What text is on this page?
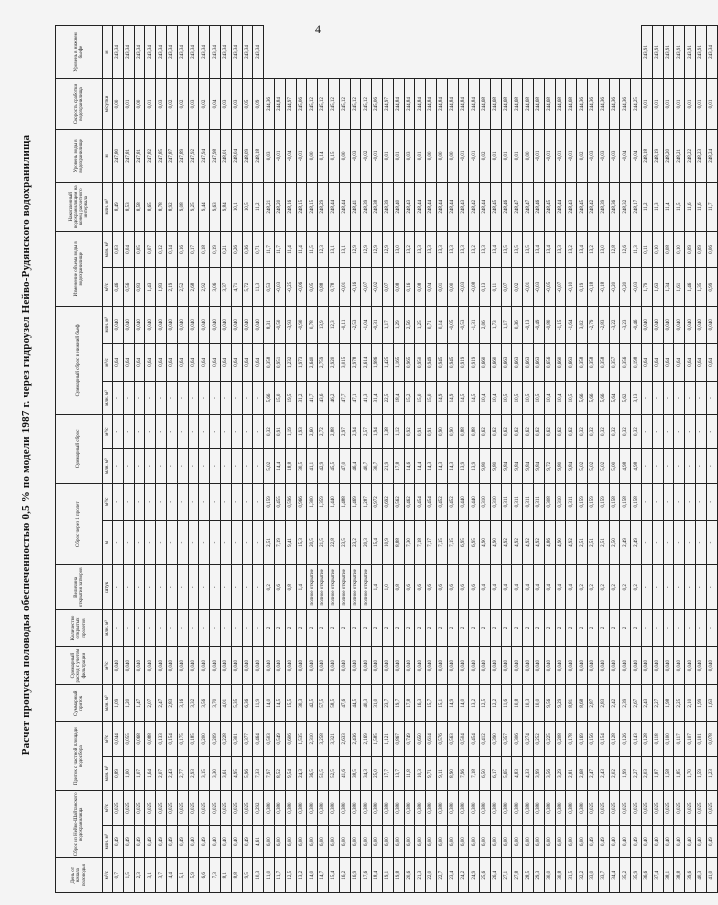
4
Расчет пропуска половодья обеспеченностью 0,5 % по модели 1987 г. через гидроузел Нейво-Рудянского водохранилища
День от начала половодья	Сброс из Нейво-Шайтанского водохранилища		Приток с частной площади водосбора		Суммарный приток	Суммарный расход с учетом фильтрации	Количество открытых пролетов	Величина открытия затворов	Сброс через 1 пролет		Суммарный сброс		Суммарный сброс в нижний бьеф			Изменение объема воды в водохранилище		Накопленный водохранилищем на конец расчетного интервала	Уровень воды в водохранилище	Скорость сработки водохранилища	Уровень в нижнем бьефе
м³/с	млн. м³	м³/с	млн. м³	м³/с	млн. м³	м³/с	млн. м³	штук	м	м³/с	млн. м³	м³/с	млн. м³	м³/с	млн. м³	м³/с	млн. м³	млн. м³	м	м/сутки	м
0,7	0,49	0,025	0,89	0,044	1,09	0,040	-	-	-	-	-	-	-	0,64	0,040	0,46	0,03	8,49	247,80	0,00	243,34
1,5	0,49	0,025	1,00	0,055	1,20	0,040	-	-	-	-	-	-	-	0,64	0,040	0,56	0,04	8,53	247,81	0,01	243,34
2,3	0,49	0,025	1,07	0,068	1,47	0,040	-	-	-	-	-	-	-	0,64	0,040	0,83	0,05	8,58	247,81	0,00	243,34
3,1	0,49	0,025	1,64	0,088	2,07	0,040	-	-	-	-	-	-	-	0,64	0,040	1,43	0,07	8,65	247,82	0,01	243,34
3,7	0,49	0,025	2,07	0,133	2,47	0,040	-	-	-	-	-	-	-	0,64	0,040	1,83	0,12	8,78	247,85	0,03	243,34
4,4	0,49	0,025	2,43	0,154	2,83	0,040	-	-	-	-	-	-	-	0,64	0,040	2,19	0,14	8,92	247,87	0,02	243,34
5,1	0,49	0,025	2,77	0,175	3,16	0,040	-	-	-	-	-	-	-	0,64	0,040	2,52	0,16	9,08	247,89	0,02	243,34
5,9	0,40	0,025	2,93	0,185	3,32	0,040	-	-	-	-	-	-	-	0,64	0,040	2,68	0,17	9,25	247,92	0,03	243,34
6,6	0,49	0,025	3,15	0,200	3,56	0,040	-	-	-	-	-	-	-	0,64	0,040	2,92	0,18	9,44	247,94	0,02	243,34
7,3	0,40	0,025	3,30	0,209	3,70	0,040	-	-	-	-	-	-	-	0,64	0,040	3,06	0,19	9,63	247,98	0,04	243,34
8,1	0,40	0,025	3,61	0,228	4,01	0,040	-	-	-	-	-	-	-	0,64	0,040	3,37	0,21	9,84	248,01	0,03	243,34
8,8	0,40	0,025	4,95	0,301	5,35	0,040	-	-	-	-	-	-	-	0,64	0,040	4,71	0,26	10,1	248,04	0,03	243,34
9,5	0,49	0,025	5,96	0,377	6,36	0,040	-	-	-	-	-	-	-	0,64	0,040	5,72	0,36	10,5	248,09	0,05	243,34
10,3	4,61	0,292	7,33	0,464	11,9	0,040	-	-	-	-	-	-	-	0,64	0,040	11,3	0,71	11,2	248,18	0,09	243,34
11,0	6,00	0,380	7,97	0,503	14,0	0,040	2	0,2	2,51	0,159	5,02	0,32	5,66	0,358	8,31	0,53	11,7	248,21	0,03	244,36	
11,7	6,00	0,380	8,52	0,549	14,5	0,040	2	0,6	7,19	0,455	14,4	0,91	15,0	0,951	-0,50	-0,03	11,7	248,20	-0,01	244,84	
12,5	6,00	0,380	9,54	0,606	15,5	0,040	2	0,8	9,41	0,596	18,8	1,19	19,5	1,232	-3,93	-0,25	11,4	248,16	-0,04	244,97	
13,2	6,00	0,380	24,3	1,535	30,3	0,040	2	1,4	15,3	0,966	30,5	1,93	31,2	1,973	-0,90	-0,06	11,4	248,15	-0,01	245,06	
14,0	6,00	0,380	36,5	2,310	42,5	0,040	2	полное открытие	20,5	1,300	41,1	2,60	41,7	2,640	0,78	0,05	11,5	248,15	0,00	245,12	
14,7	6,00	0,380	51,5	3,258	57,5	0,040	2	полное открытие	21,5	1,359	42,9	2,72	43,6	2,759	13,9	0,88	12,3	248,29	0,14	245,12	
15,4	6,00	0,380	52,5	3,321	58,5	0,040	2	полное открытие	22,8	1,440	45,5	2,88	46,2	2,920	12,3	0,78	13,1	248,44	0,15	245,12	
16,2	6,00	0,380	41,6	2,633	47,6	0,040	2	полное открытие	23,5	1,488	47,0	2,97	47,7	3,015	-0,11	-0,01	13,1	248,44	0,00	245,12	
16,9	6,00	0,380	38,5	2,436	44,5	0,040	2	полное открытие	23,2	1,469	46,4	2,94	47,1	2,978	-2,53	-0,16	12,9	248,41	-0,03	245,12	
17,6	6,00	0,380	34,3	2,169	40,3	0,040	2	полное открытие	20,3	1,287	40,7	2,57	41,3	2,614	-1,04	-0,07	12,9	248,39	-0,02	245,12	
18,4	6,00	0,380	25,0	1,585	31,0	0,040	2	1,4	15,4	0,972	30,7	1,94	31,4	1,986	-0,31	-0,02	12,9	248,38	-0,01	245,06	
19,1	6,00	0,380	17,7	1,121	23,7	0,040	2	1,0	10,9	0,692	21,9	1,38	22,5	1,425	1,17	0,07	12,9	248,39	0,01	244,97	
19,8	6,00	0,380	13,7	0,867	19,7	0,040	2	0,8	8,88	0,562	17,8	1,12	18,4	1,165	1,29	0,08	13,0	248,40	0,01	244,84	
20,6	6,00	0,380	11,8	0,749	17,8	0,040	2	0,6	7,30	0,462	14,6	0,92	15,2	0,965	2,56	0,16	13,2	248,43	0,03	244,84	
21,3	6,00	0,380	10,3	0,650	16,3	0,040	2	0,6	7,18	0,454	14,4	0,91	15,0	0,950	1,25	0,08	13,3	248,44	0,01	244,84	
22,0	6,00	0,380	9,71	0,614	15,7	0,040	2	0,6	7,17	0,454	14,3	0,91	15,0	0,949	0,71	0,04	13,3	248,44	0,00	244,84	
22,7	6,00	0,380	9,11	0,576	15,1	0,040	2	0,6	7,15	0,452	14,3	0,90	14,9	0,945	0,14	0,01	13,3	248,44	0,00	244,84	
23,4	6,00	0,380	8,90	0,563	14,9	0,040	2	0,6	7,15	0,452	14,3	0,90	14,9	0,945	-0,05	0,00	13,3	248,44	0,00	244,84	
24,2	6,00	0,380	7,96	0,504	14,0	0,040	2	0,6	6,95	0,440	13,9	0,88	14,5	0,919	-0,53	-0,03	13,3	248,43	-0,01	244,84	
24,9	6,00	0,380	7,18	0,454	13,2	0,040	2	0,6	6,95	0,440	13,9	0,88	14,5	0,919	-1,31	-0,08	13,2	248,42	-0,01	244,84	
25,6	6,00	0,380	6,50	0,412	12,5	0,040	2	0,4	4,90	0,310	9,80	0,62	10,4	0,660	2,06	0,13	13,3	248,44	0,02	244,68	
26,4	6,00	0,380	6,17	0,390	12,2	0,040	2	0,4	4,90	0,310	9,80	0,62	10,4	0,660	1,73	0,11	13,4	248,45	0,01	244,68	
27,1	6,00	0,380	5,65	0,357	11,6	0,040	2	0,4	4,92	0,311	9,84	0,62	10,5	0,663	1,17	0,07	13,5	248,46	0,01	244,68	
27,8	6,00	0,380	4,83	0,306	10,8	0,040	2	0,4	4,92	0,311	9,84	0,62	10,5	0,663	0,36	0,02	13,5	248,47	0,01	244,68	
28,5	6,00	0,380	4,33	0,274	10,3	0,040	2	0,4	4,92	0,311	9,84	0,62	10,5	0,663	-0,13	-0,01	13,5	248,47	0,00	244,68	
29,3	6,00	0,380	3,99	0,252	10,0	0,040	2	0,4	4,92	0,311	9,84	0,62	10,5	0,663	-0,49	-0,03	13,4	248,46	-0,01	244,68	
30,0	6,00	0,380	3,56	0,225	9,56	0,040	2	0,4	4,86	0,308	9,72	0,62	10,4	0,656	-0,80	-0,05	13,4	248,45	-0,01	244,68	
30,8	6,00	0,380	3,29	0,208	9,29	0,040	2	0,4	4,90	0,310	9,80	0,62	10,4	0,660	-1,15	-0,07	13,3	248,44	-0,01	244,68	
31,5	6,00	0,380	2,81	0,178	8,81	0,040	2	0,4	4,92	0,311	9,84	0,62	10,5	0,663	-1,64	-0,10	13,2	248,43	-0,01	244,68	
32,2	6,00	0,380	2,68	0,169	8,68	0,040	2	0,2	2,51	0,159	5,02	0,32	5,66	0,358	3,02	0,19	13,4	248,45	0,02	244,36	
33,0	0,49	0,025	2,47	0,156	2,87	0,040	2	0,2	2,51	0,159	5,02	0,32	5,66	0,358	-2,79	-0,18	13,2	248,42	-0,03	244,36	
33,7	0,49	0,025	2,43	0,154	2,83	0,040	2	0,2	2,51	0,159	5,02	0,32	5,66	0,358	-2,83	-0,18	13,0	248,39	-0,03	244,36	
34,4	0,40	0,025	2,02	0,128	2,42	0,040	2	0,2	2,50	0,158	5,00	0,32	5,64	0,357	-3,22	-0,20	12,8	248,36	-0,03	244,36	
35,2	0,40	0,025	1,99	0,126	2,39	0,040	2	0,2	2,49	0,158	4,98	0,32	5,62	0,356	-3,23	-0,20	12,6	248,32	-0,04	244,36	
35,9	0,49	0,025	2,27	0,143	2,67	0,040	2	0,2	2,49	0,158	4,98	0,32	3,13	0,198	-0,46	-0,03	11,3	248,17	-0,04	244,25	
36,6	0,40	0,025	2,03	0,128	2,43	0,040	-	-	-	-	-	-	-	0,64	0,040	1,79	0,11	11,2	248,18	0,01	243,91
37,4	0,40	0,025	1,87	0,118	2,27	0,040	-	-	-	-	-	-	-	0,64	0,040	1,63	0,10	11,3	248,19	0,01	243,91
38,1	0,40	0,025	1,58	0,100	1,98	0,040	-	-	-	-	-	-	-	0,64	0,040	1,34	0,08	11,4	248,20	0,01	243,91
38,8	0,40	0,025	1,85	0,117	2,25	0,040	-	-	-	-	-	-	-	0,64	0,040	1,61	0,10	11,5	248,21	0,01	243,91
39,6	0,40	0,025	1,70	0,107	2,10	0,040	-	-	-	-	-	-	-	0,64	0,040	1,46	0,09	11,6	248,22	0,01	243,91
40,3	0,40	0,025	1,59	0,101	1,99	0,040	-	-	-	-	-	-	-	0,64	0,040	1,35	0,09	11,6	248,23	0,01	243,91
41,0	0,49	0,025	1,23	0,078	1,63	0,040	-	-	-	-	-	-	-	0,64	0,040	0,99	0,06	11,7	248,24	0,01	243,34
